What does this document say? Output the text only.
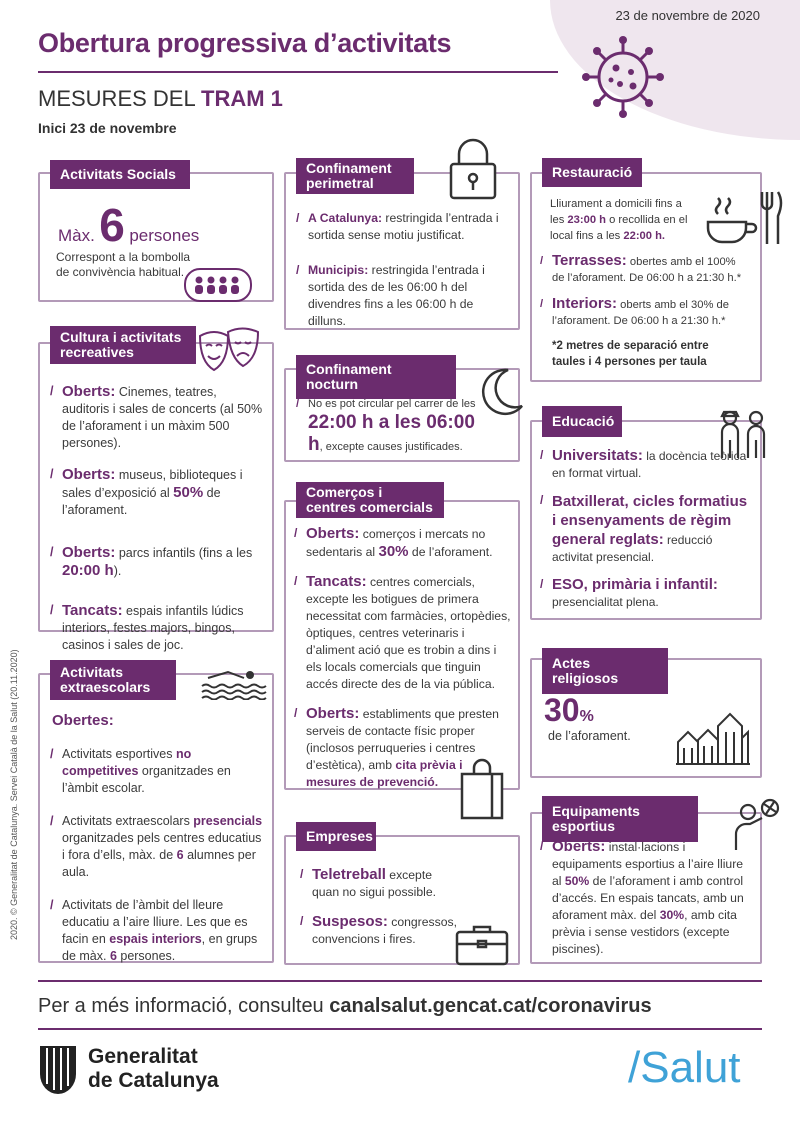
23 de novembre de 2020
Obertura progressiva d’activitats
MESURES DEL TRAM 1
Inici 23 de novembre
Activitats Socials
Màx. 6 persones
Correspont a la bombolla de convivència habitual.
Cultura i activitats recreatives
/ Oberts: Cinemes, teatres, auditoris i sales de concerts (al 50% de l’aforament i un màxim 500 persones).
/ Oberts: museus, biblioteques i sales d’exposició al 50% de l’aforament.
/ Oberts: parcs infantils (fins a les 20:00 h).
/ Tancats: espais infantils lúdics interiors, festes majors, bingos, casinos i sales de joc.
Activitats extraescolars
Obertes:
/ Activitats esportives no competitives organitzades en l’àmbit escolar.
/ Activitats extraescolars presencials organitzades pels centres educatius i fora d’ells, màx. de 6 alumnes per aula.
/ Activitats de l’àmbit del lleure educatiu a l’aire lliure. Les que es facin en espais interiors, en grups de màx. 6 persones.
Confinament perimetral
/ A Catalunya: restringida l’entrada i sortida sense motiu justificat.
/ Municipis: restringida l’entrada i sortida des de les 06:00 h del divendres fins a les 06:00 h de dilluns.
Confinament nocturn
/ No es pot circular pel carrer de les
22:00 h a les 06:00 h, excepte causes justificades.
Comerços i centres comercials
/ Oberts: comerços i mercats no sedentaris al 30% de l’aforament.
/ Tancats: centres comercials, excepte les botigues de primera necessitat com farmàcies, ortopèdies, òptiques, centres veterinaris i d’aliment ació que es trobin a dins i els locals comercials que tinguin accés directe des de la via pública.
/ Oberts: establiments que presten serveis de contacte físic proper (inclosos perruqueries i centres d’estètica), amb cita prèvia i mesures de prevenció.
Empreses
/ Teletreball excepte quan no sigui possible.
/ Suspesos: congressos, convencions i fires.
Restauració
Lliurament a domicili fins a les 23:00 h o recollida en el local fins a les 22:00 h.
/ Terrasses: obertes amb el 100% de l’aforament. De 06:00 h a 21:30 h.*
/ Interiors: oberts amb el 30% de l’aforament. De 06:00 h a 21:30 h.*
*2 metres de separació entre taules i 4 persones per taula
Educació
/ Universitats: la docència teòrica en format virtual.
/ Batxillerat, cicles formatius i ensenyaments de règim general reglats: reducció activitat presencial.
/ ESO, primària i infantil: presencialitat plena.
Actes religiosos
30%
de l’aforament.
Equipaments esportius
/ Oberts: instal·lacions i equipaments esportius a l’aire lliure al 50% de l’aforament i amb control d’accés. En espais tancats, amb un aforament màx. del 30%, amb cita prèvia i sense vestidors (excepte piscines).
2020. © Generalitat de Catalunya. Servei Català de la Salut (20.11.2020)
Per a més informació, consulteu canalsalut.gencat.cat/coronavirus
Generalitat
de Catalunya	/Salut
